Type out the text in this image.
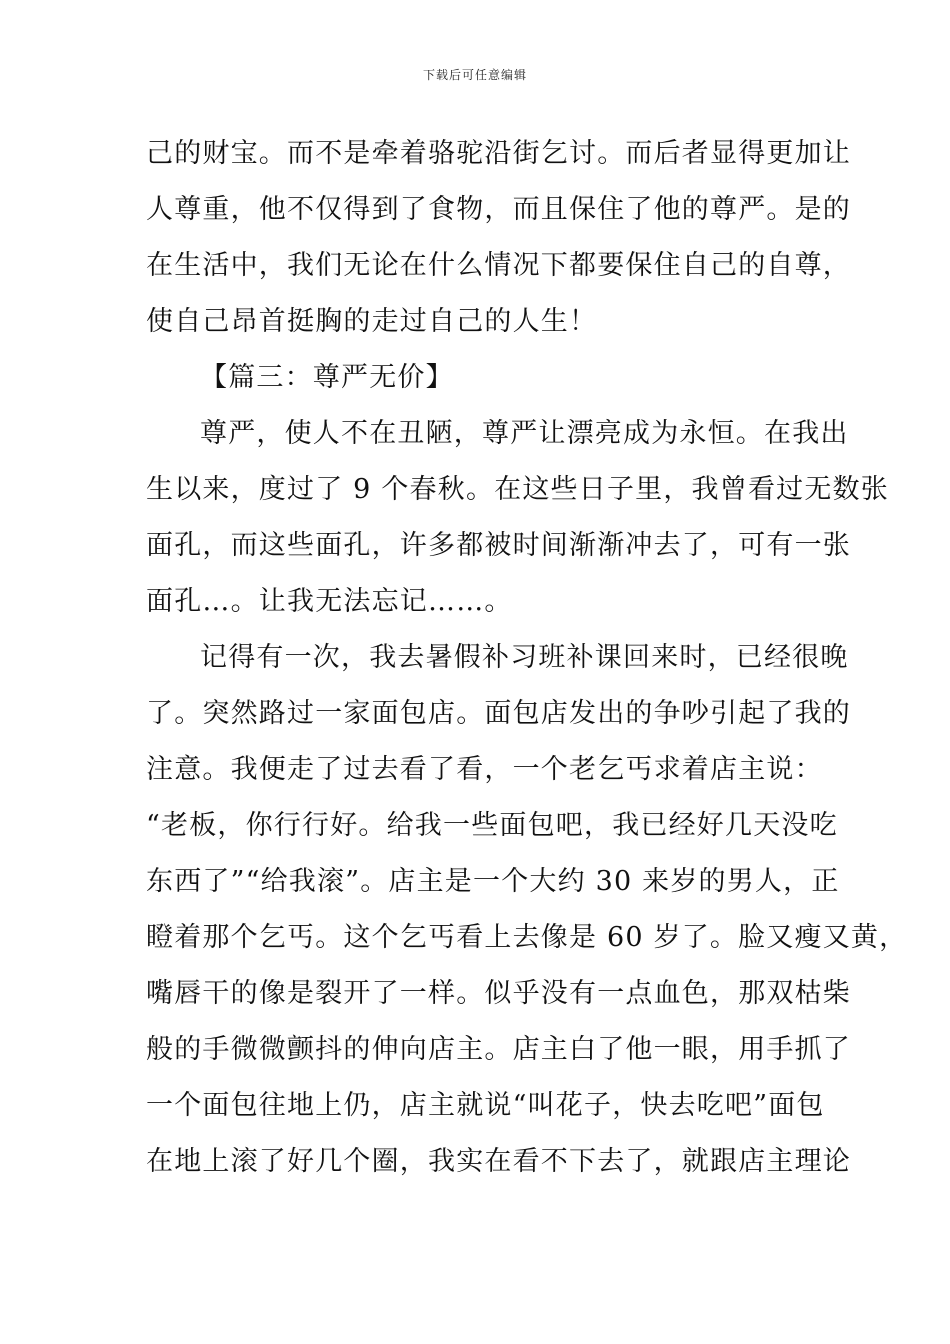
下载后可任意编辑
己的财宝。而不是牵着骆驼沿街乞讨。而后者显得更加让
人尊重，他不仅得到了食物，而且保住了他的尊严。是的
在生活中，我们无论在什么情况下都要保住自己的自尊，
使自己昂首挺胸的走过自己的人生！
【篇三：尊严无价】
尊严，使人不在丑陋，尊严让漂亮成为永恒。在我出
生以来，度过了 9 个春秋。在这些日子里，我曾看过无数张
面孔，而这些面孔，许多都被时间渐渐冲去了，可有一张
面孔…。让我无法忘记……。
记得有一次，我去暑假补习班补课回来时，已经很晚
了。突然路过一家面包店。面包店发出的争吵引起了我的
注意。我便走了过去看了看，一个老乞丐求着店主说：
“老板，你行行好。给我一些面包吧，我已经好几天没吃
东西了”“给我滚”。店主是一个大约 30 来岁的男人，正
瞪着那个乞丐。这个乞丐看上去像是 60 岁了。脸又瘦又黄，
嘴唇干的像是裂开了一样。似乎没有一点血色，那双枯柴
般的手微微颤抖的伸向店主。店主白了他一眼，用手抓了
一个面包往地上仍，店主就说“叫花子，快去吃吧”面包
在地上滚了好几个圈，我实在看不下去了，就跟店主理论
